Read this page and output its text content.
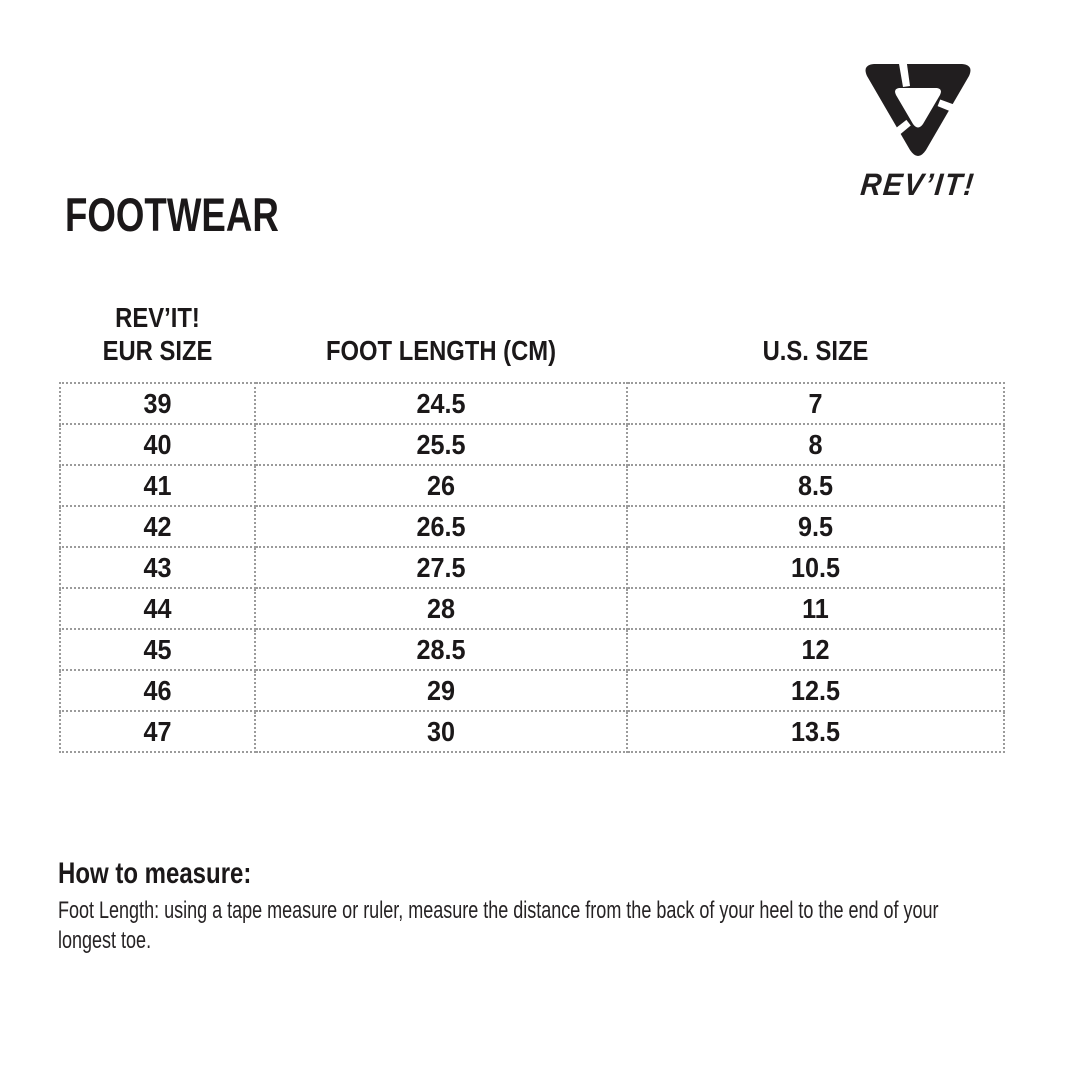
REV’IT!
FOOTWEAR
REV’IT!
EUR SIZE	FOOT LENGTH (CM)	U.S. SIZE

39	24.5	7

40	25.5	8

41	26	8.5

42	26.5	9.5

43	27.5	10.5

44	28	11

45	28.5	12

46	29	12.5

47	30	13.5
How to measure:
Foot Length: using a tape measure or ruler, measure the distance from the back of your heel to the end of your
longest toe.
